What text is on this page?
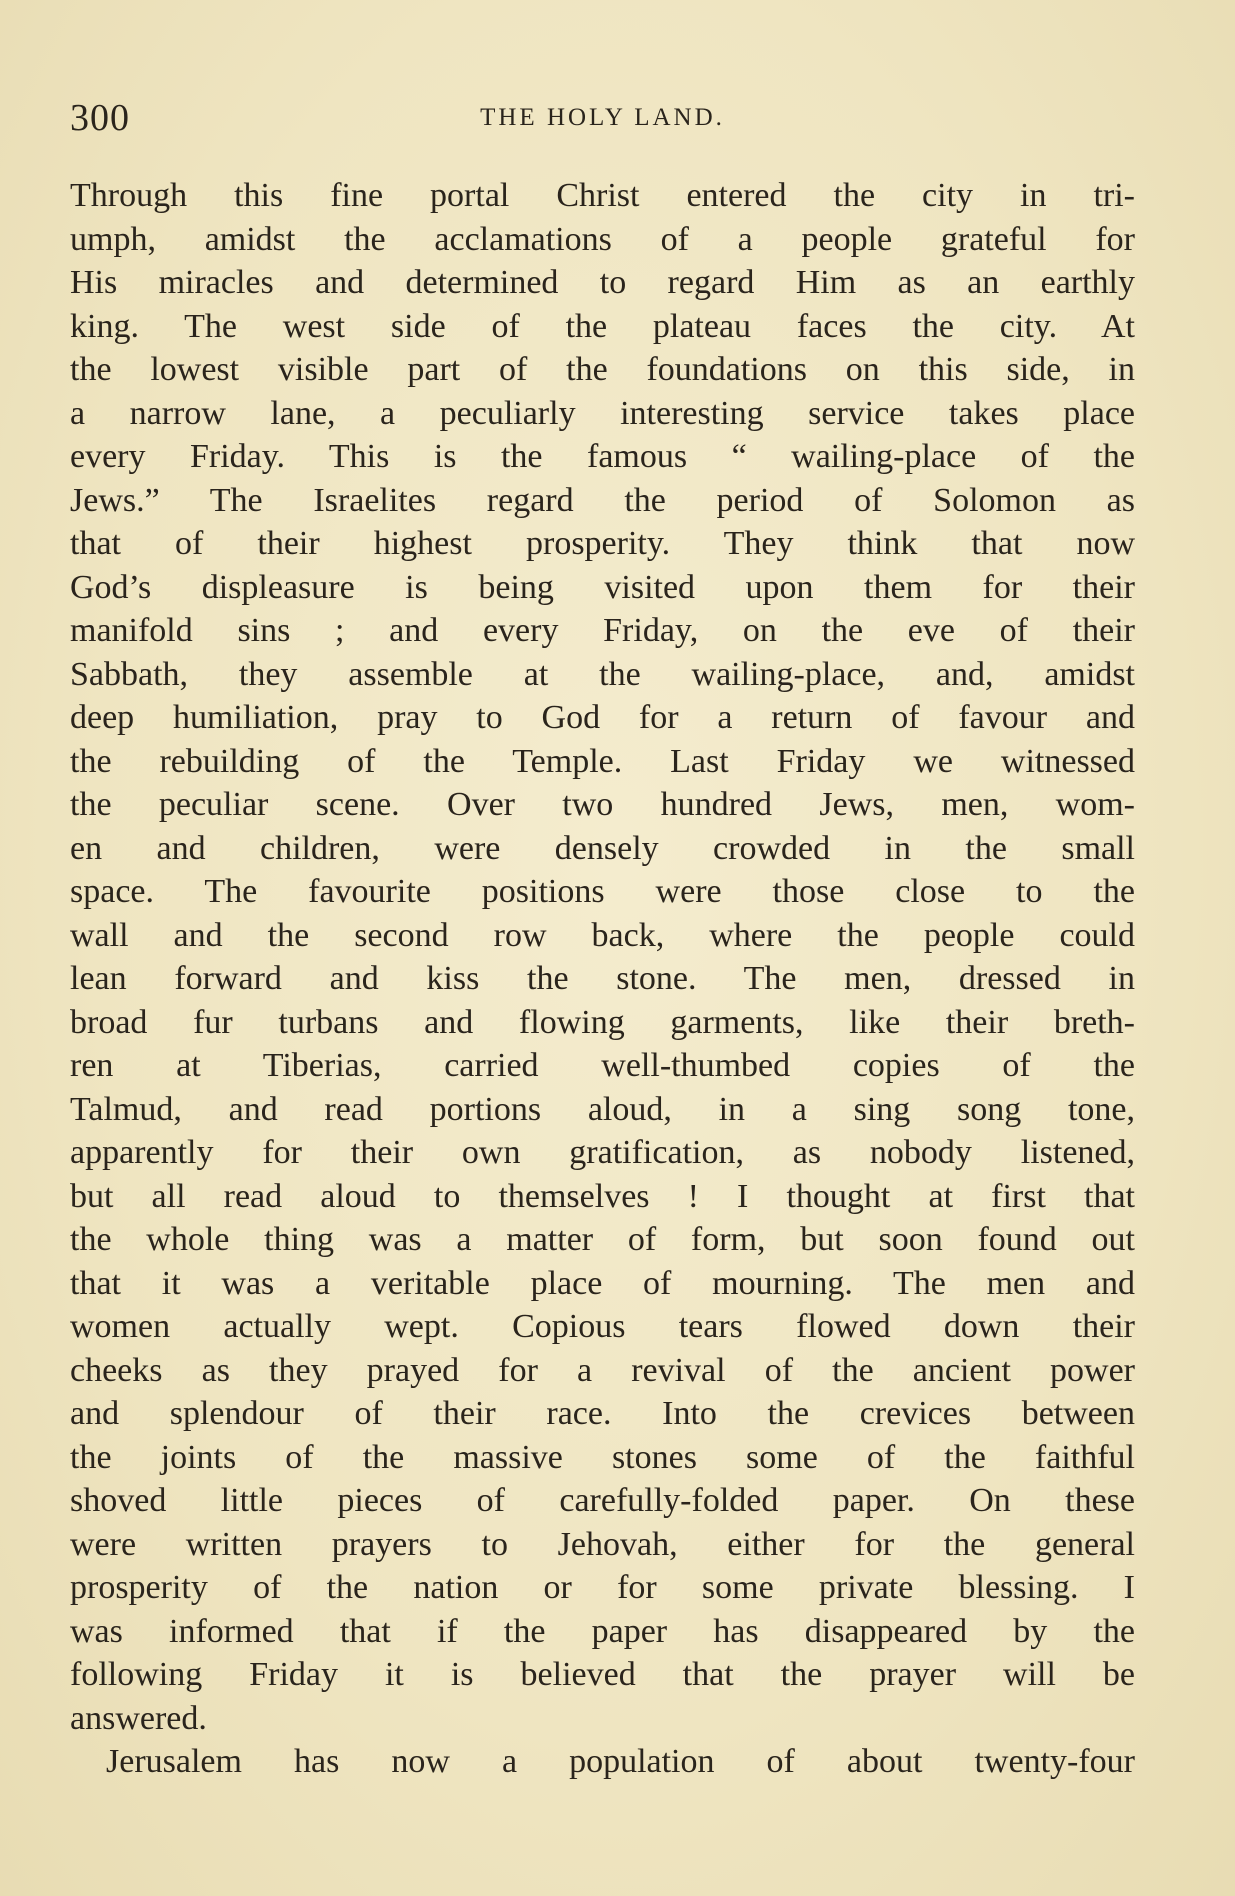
300	THE HOLY LAND.
Through this fine portal Christ entered the city in tri-
umph, amidst the acclamations of a people grateful for
His miracles and determined to regard Him as an earthly
king. The west side of the plateau faces the city. At
the lowest visible part of the foundations on this side, in
a narrow lane, a peculiarly interesting service takes place
every Friday. This is the famous “ wailing-place of the
Jews.” The Israelites regard the period of Solomon as
that of their highest prosperity. They think that now
God’s displeasure is being visited upon them for their
manifold sins ; and every Friday, on the eve of their
Sabbath, they assemble at the wailing-place, and, amidst
deep humiliation, pray to God for a return of favour and
the rebuilding of the Temple. Last Friday we witnessed
the peculiar scene. Over two hundred Jews, men, wom-
en and children, were densely crowded in the small
space. The favourite positions were those close to the
wall and the second row back, where the people could
lean forward and kiss the stone. The men, dressed in
broad fur turbans and flowing garments, like their breth-
ren at Tiberias, carried well-thumbed copies of the
Talmud, and read portions aloud, in a sing song tone,
apparently for their own gratification, as nobody listened,
but all read aloud to themselves ! I thought at first that
the whole thing was a matter of form, but soon found out
that it was a veritable place of mourning. The men and
women actually wept. Copious tears flowed down their
cheeks as they prayed for a revival of the ancient power
and splendour of their race. Into the crevices between
the joints of the massive stones some of the faithful
shoved little pieces of carefully-folded paper. On these
were written prayers to Jehovah, either for the general
prosperity of the nation or for some private blessing. I
was informed that if the paper has disappeared by the
following Friday it is believed that the prayer will be
answered.
Jerusalem has now a population of about twenty-four
